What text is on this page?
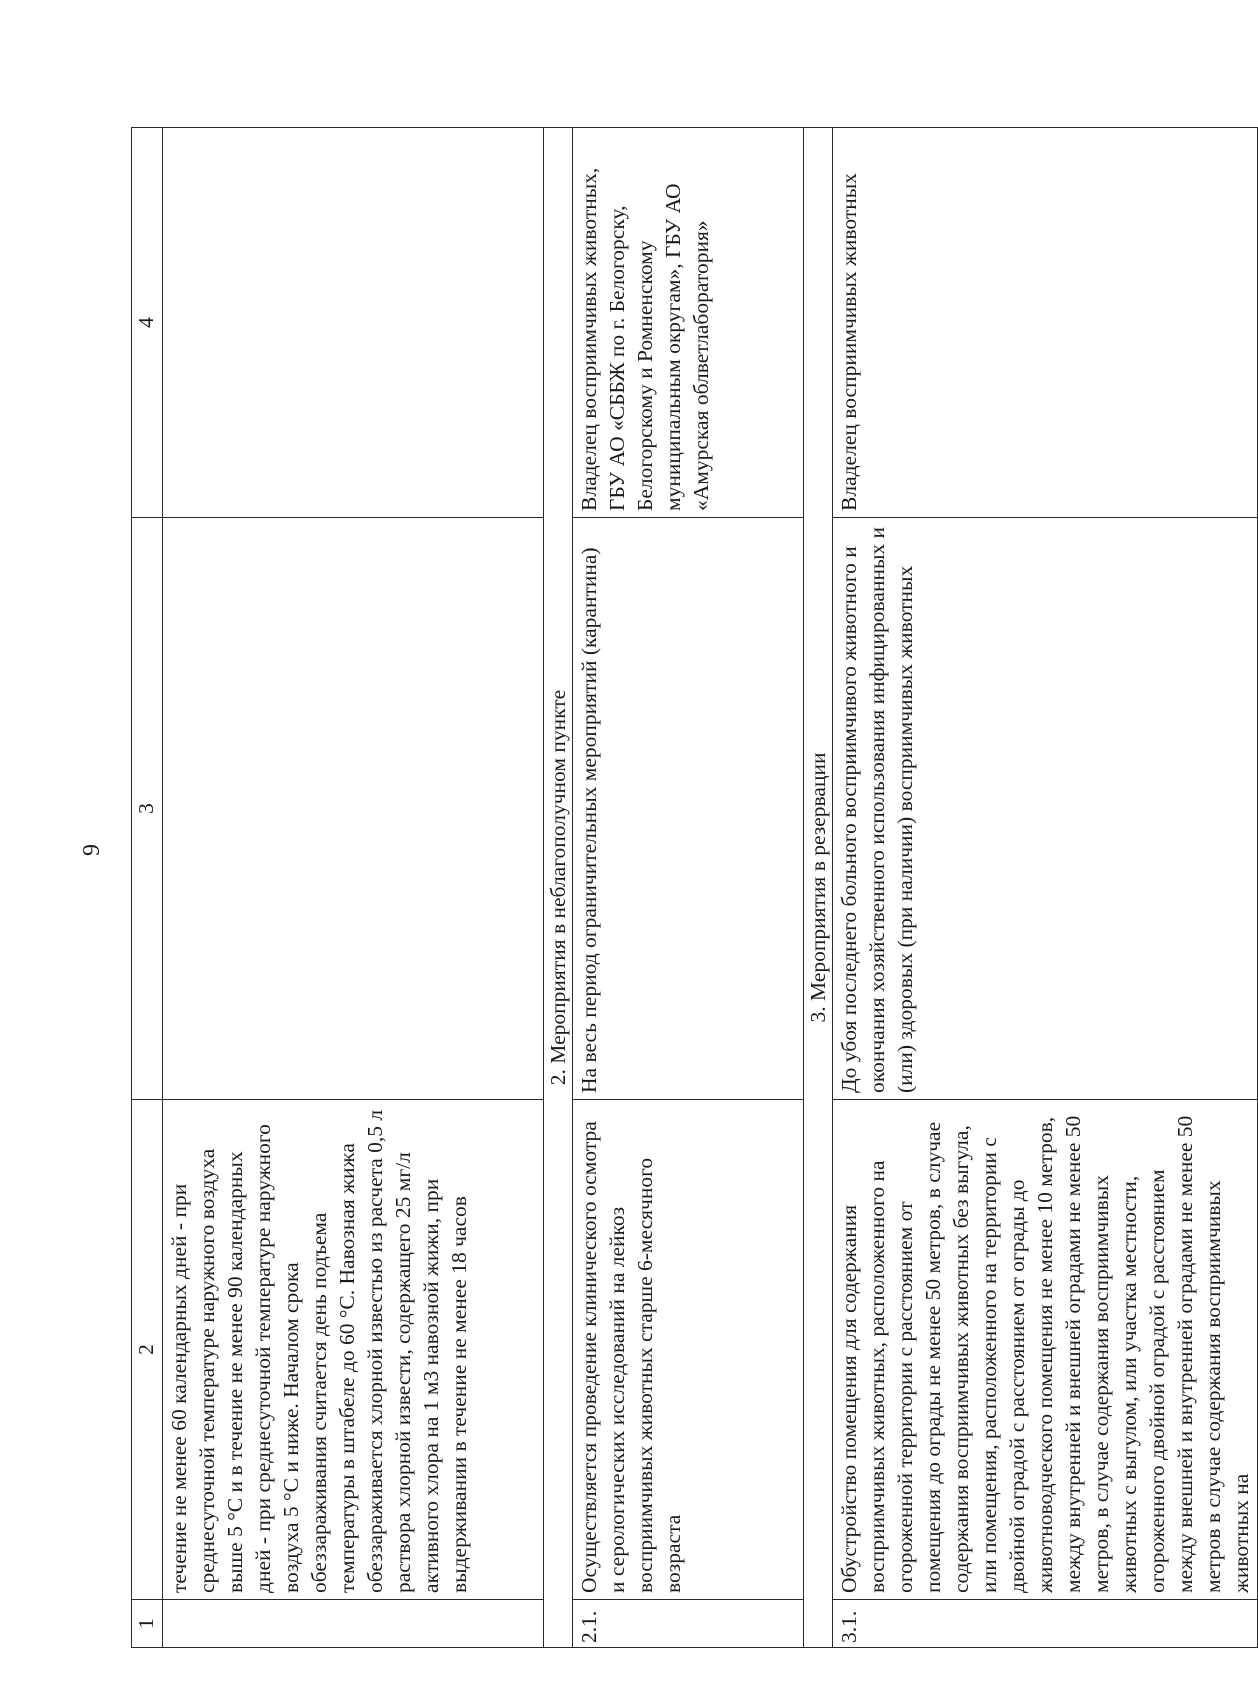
9
1	2	3	4
	течение не менее 60 календарных дней - при среднесуточной температуре наружного воздуха выше 5 °С и в течение не менее 90 календарных дней - при среднесуточной температуре наружного воздуха 5 °С и ниже. Началом срока обеззараживания считается день подъема температуры в штабеле до 60 °С. Навозная жижа обеззараживается хлорной известью из расчета 0,5 л раствора хлорной извести, содержащего 25 мг/л активного хлора на 1 м3 навозной жижи, при выдерживании в течение не менее 18 часов		
2. Мероприятия в неблагополучном пункте			
2.1.	Осуществляется проведение клинического осмотра и серологических исследований на лейкоз восприимчивых животных старше 6-месячного возраста	На весь период ограничительных мероприятий (карантина)	Владелец восприимчивых животных, ГБУ АО «СББЖ по г. Белогорску, Белогорскому и Ромненскому муниципальным округам», ГБУ АО «Амурская облветлаборатория»
3. Мероприятия в резервации			
3.1.	Обустройство помещения для содержания восприимчивых животных, расположенного на огороженной территории с расстоянием от помещения до ограды не менее 50 метров, в случае содержания восприимчивых животных без выгула, или помещения, расположенного на территории с двойной оградой с расстоянием от ограды до животноводческого помещения не менее 10 метров, между внутренней и внешней оградами не менее 50 метров, в случае содержания восприимчивых животных с выгулом, или участка местности, огороженного двойной оградой с расстоянием между внешней и внутренней оградами не менее 50 метров в случае содержания восприимчивых животных на	До убоя последнего больного восприимчивого животного и окончания хозяйственного использования инфицированных и (или) здоровых (при наличии) восприимчивых животных	Владелец восприимчивых животных
